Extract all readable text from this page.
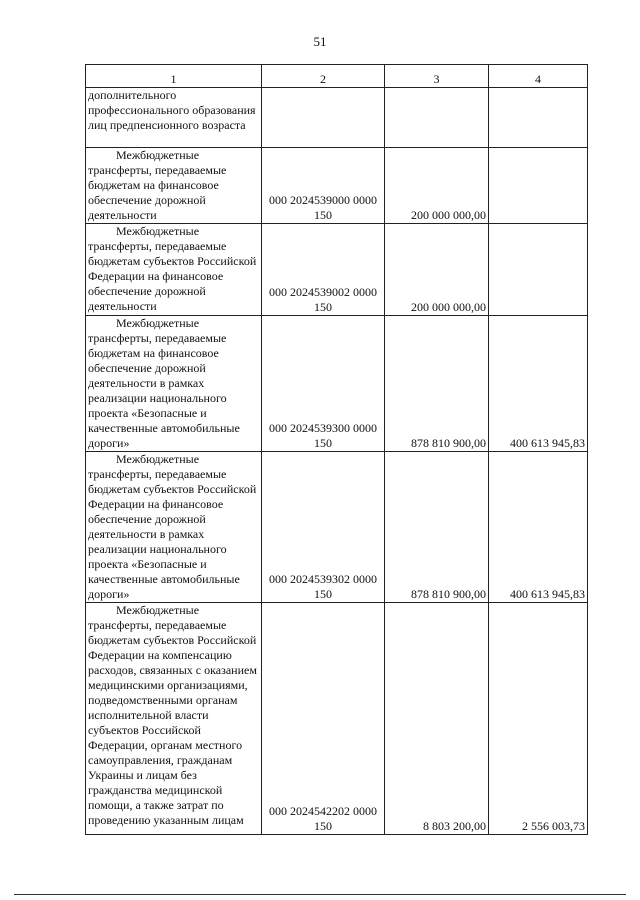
51
1	2	3	4

дополнительного профессионального образования лиц предпенсионного возраста			

Межбюджетные трансферты, передаваемые бюджетам на финансовое обеспечение дорожной деятельности	000 2024539000 0000 150	200 000 000,00	

Межбюджетные трансферты, передаваемые бюджетам субъектов Российской Федерации на финансовое обеспечение дорожной деятельности	000 2024539002 0000 150	200 000 000,00	

Межбюджетные трансферты, передаваемые бюджетам на финансовое обеспечение дорожной деятельности в рамках реализации национального проекта «Безопасные и качественные автомобильные дороги»	000 2024539300 0000 150	878 810 900,00	400 613 945,83

Межбюджетные трансферты, передаваемые бюджетам субъектов Российской Федерации на финансовое обеспечение дорожной деятельности в рамках реализации национального проекта «Безопасные и качественные автомобильные дороги»	000 2024539302 0000 150	878 810 900,00	400 613 945,83

Межбюджетные трансферты, передаваемые бюджетам субъектов Российской Федерации на компенсацию расходов, связанных с оказанием медицинскими организациями, подведомственными органам исполнительной власти субъектов Российской Федерации, органам местного самоуправления, гражданам Украины и лицам без гражданства медицинской помощи, а также затрат по проведению указанным лицам	000 2024542202 0000 150	8 803 200,00	2 556 003,73
